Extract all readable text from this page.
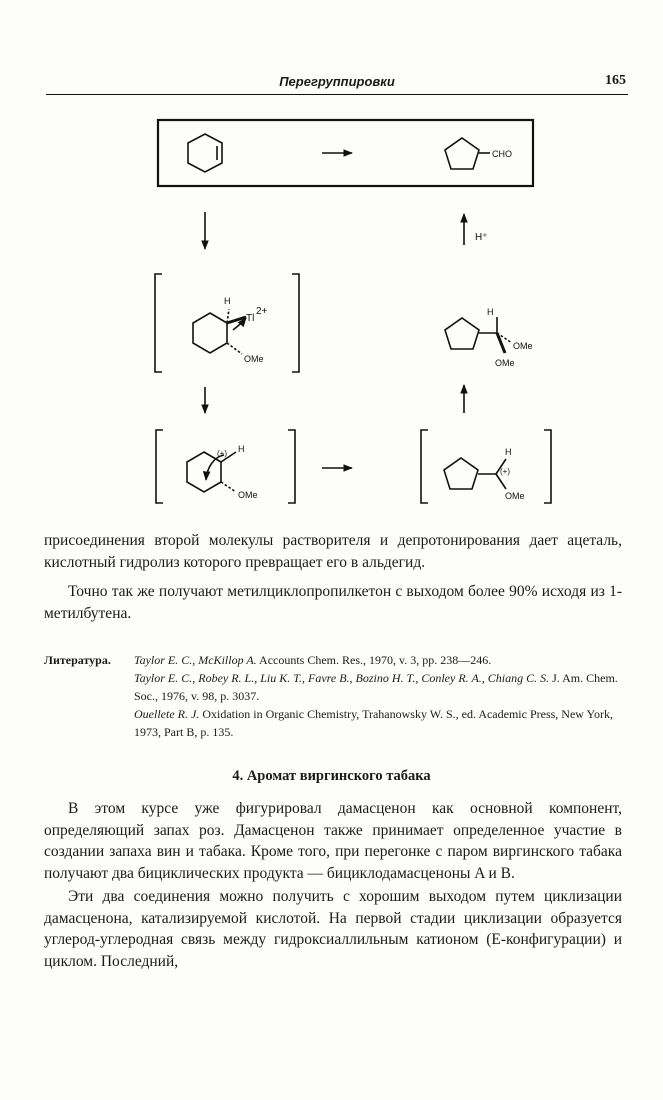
Перегруппировки	165
CHO
H⁺
H
Tl
2+
OMe
H
OMe
OMe
(+) H
OMe
H
(+)
OMe

присоединения второй молекулы растворителя и депротонирования дает ацеталь, кислотный гидролиз которого превращает его в альдегид.

Точно так же получают метилциклопропилкетон с выходом более 90% исходя из 1-метилбутена.

Литература. Taylor E. C., McKillop A. Accounts Chem. Res., 1970, v. 3, pp. 238—246.

Taylor E. C., Robey R. L., Liu K. T., Favre B., Bozino H. T., Conley R. A., Chiang C. S. J. Am. Chem. Soc., 1976, v. 98, p. 3037.

Ouellete R. J. Oxidation in Organic Chemistry, Trahanowsky W. S., ed. Academic Press, New York, 1973, Part B, p. 135.

4. Аромат виргинского табака

В этом курсе уже фигурировал дамасценон как основной компонент, определяющий запах роз. Дамасценон также принимает определенное участие в создании запаха вин и табака. Кроме того, при перегонке с паром виргинского табака получают два бициклических продукта — бициклодамасценоны A и B.

Эти два соединения можно получить с хорошим выходом путем циклизации дамасценона, катализируемой кислотой. На первой стадии циклизации образуется углерод-углеродная связь между гидроксиаллильным катионом (E-конфигурации) и циклом. Последний,
